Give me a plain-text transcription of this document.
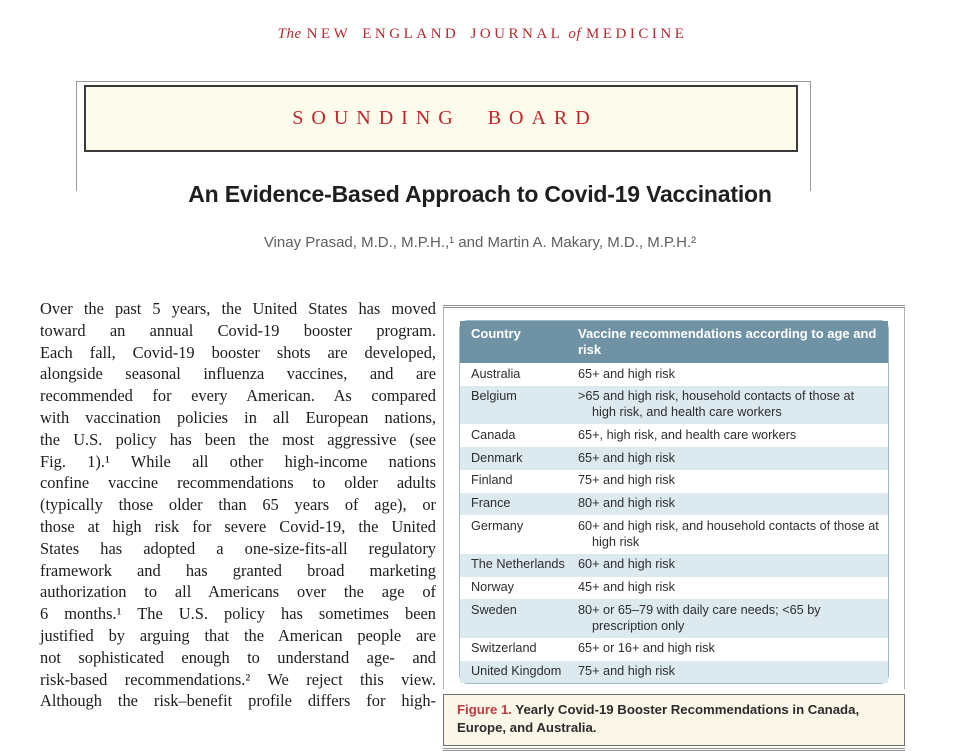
The NEW ENGLAND JOURNAL of MEDICINE
SOUNDING BOARD
An Evidence-Based Approach to Covid-19 Vaccination
Vinay Prasad, M.D., M.P.H.,¹ and Martin A. Makary, M.D., M.P.H.²
Over the past 5 years, the United States has moved
toward an annual Covid-19 booster program.
Each fall, Covid-19 booster shots are developed,
alongside seasonal influenza vaccines, and are
recommended for every American. As compared
with vaccination policies in all European nations,
the U.S. policy has been the most aggressive (see
Fig. 1).¹ While all other high-income nations
confine vaccine recommendations to older adults
(typically those older than 65 years of age), or
those at high risk for severe Covid-19, the United
States has adopted a one-size-fits-all regulatory
framework and has granted broad marketing
authorization to all Americans over the age of
6 months.¹ The U.S. policy has sometimes been
justified by arguing that the American people are
not sophisticated enough to understand age- and
risk-based recommendations.² We reject this view.
Although the risk–benefit profile differs for high-
Country	Vaccine recommendations according to age and risk
Australia	65+ and high risk
Belgium	>65 and high risk, household contacts of those at high risk, and health care workers
Canada	65+, high risk, and health care workers
Denmark	65+ and high risk
Finland	75+ and high risk
France	80+ and high risk
Germany	60+ and high risk, and household contacts of those at high risk
The Netherlands	60+ and high risk
Norway	45+ and high risk
Sweden	80+ or 65–79 with daily care needs; <65 by prescription only
Switzerland	65+ or 16+ and high risk
United Kingdom	75+ and high risk
Figure 1. Yearly Covid-19 Booster Recommendations in Canada, Europe, and Australia.
